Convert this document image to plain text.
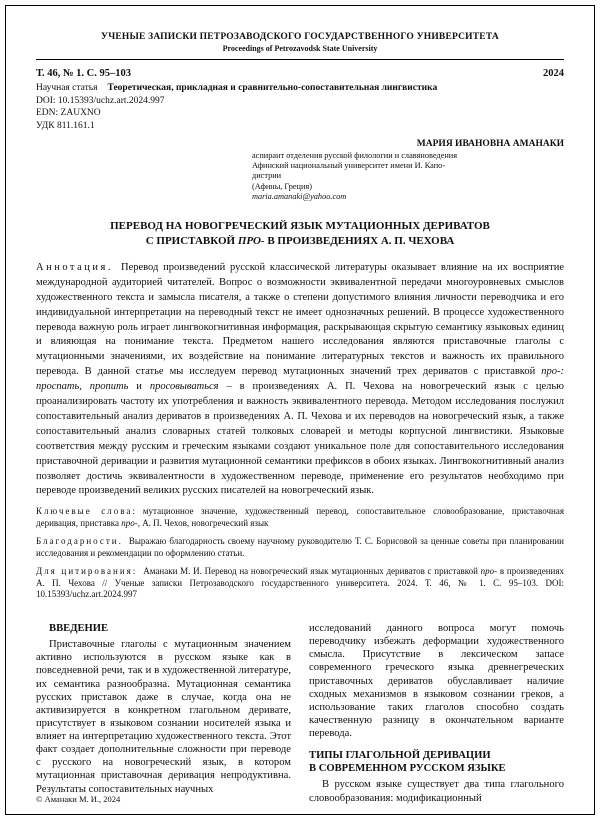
УЧЕНЫЕ ЗАПИСКИ ПЕТРОЗАВОДСКОГО ГОСУДАРСТВЕННОГО УНИВЕРСИТЕТА
Proceedings of Petrozavodsk State University
Т. 46, № 1. С. 95–103	2024
Научная статья Теоретическая, прикладная и сравнительно-сопоставительная лингвистика
DOI: 10.15393/uchz.art.2024.997
EDN: ZAUXNO
УДК 811.161.1
МАРИЯ ИВАНОВНА АМАНАКИ
аспирант отделения русской филологии и славяноведения
Афинский национальный университет имени И. Капо-
дистрии
(Афины, Греция)
maria.amanaki@yahoo.com
ПЕРЕВОД НА НОВОГРЕЧЕСКИЙ ЯЗЫК МУТАЦИОННЫХ ДЕРИВАТОВ
С ПРИСТАВКОЙ ПРО- В ПРОИЗВЕДЕНИЯХ А. П. ЧЕХОВА

Аннотация. Перевод произведений русской классической литературы оказывает влияние на их восприятие международной аудиторией читателей. Вопрос о возможности эквивалентной передачи многоуровневых смыслов художественного текста и замысла писателя, а также о степени допустимого влияния личности переводчика и его индивидуальной интерпретации на переводный текст не имеет однозначных решений. В процессе художественного перевода важную роль играет лингвокогнитивная информация, раскрывающая скрытую семантику языковых единиц и влияющая на понимание текста. Предметом нашего исследования являются приставочные глаголы с мутационными значениями, их воздействие на понимание литературных текстов и важность их правильного перевода. В данной статье мы исследуем перевод мутационных значений трех дериватов с приставкой про-: проспать, пропить и просовываться – в произведениях А. П. Чехова на новогреческий язык с целью проанализировать частоту их употребления и важность эквивалентного перевода. Методом исследования послужил сопоставительный анализ дериватов в произведениях А. П. Чехова и их переводов на новогреческий язык, а также сопоставительный анализ словарных статей толковых словарей и методы корпусной лингвистики. Языковые соответствия между русским и греческим языками создают уникальное поле для сопоставительного исследования приставочной деривации и развития мутационной семантики префиксов в обоих языках. Лингвокогнитивный анализ позволяет достичь эквивалентности в художественном переводе, применение его результатов необходимо при переводе произведений великих русских писателей на новогреческий язык.

Ключевые слова: мутационное значение, художественный перевод, сопоставительное словообразование, приставочная деривация, приставка про-, А. П. Чехов, новогреческий язык

Благодарности. Выражаю благодарность своему научному руководителю Т. С. Борисовой за ценные советы при планировании исследования и рекомендации по оформлению статьи.

Для цитирования: Аманаки М. И. Перевод на новогреческий язык мутационных дериватов с приставкой про- в произведениях А. П. Чехова // Ученые записки Петрозаводского государственного университета. 2024. Т. 46, № 1. С. 95–103. DOI: 10.15393/uchz.art.2024.997

ВВЕДЕНИЕ

Приставочные глаголы с мутационным значением активно используются в русском языке как в повседневной речи, так и в художественной литературе, их семантика разнообразна. Мутационная семантика русских приставок даже в случае, когда она не активизируется в конкретном глагольном деривате, присутствует в языковом сознании носителей языка и влияет на интерпретацию художественного текста. Этот факт создает дополнительные сложности при переводе с русского на новогреческий язык, в котором мутационная приставочная деривация непродуктивна. Результаты сопоставительных научных

исследований данного вопроса могут помочь переводчику избежать деформации художественного смысла. Присутствие в лексическом запасе современного греческого языка древнегреческих приставочных дериватов обуславливает наличие сходных механизмов в языковом сознании греков, а использование таких глаголов способно создать качественную разницу в окончательном варианте перевода.

ТИПЫ ГЛАГОЛЬНОЙ ДЕРИВАЦИИ
В СОВРЕМЕННОМ РУССКОМ ЯЗЫКЕ

В русском языке существует два типа глагольного словообразования: модификационный

© Аманаки М. И., 2024
